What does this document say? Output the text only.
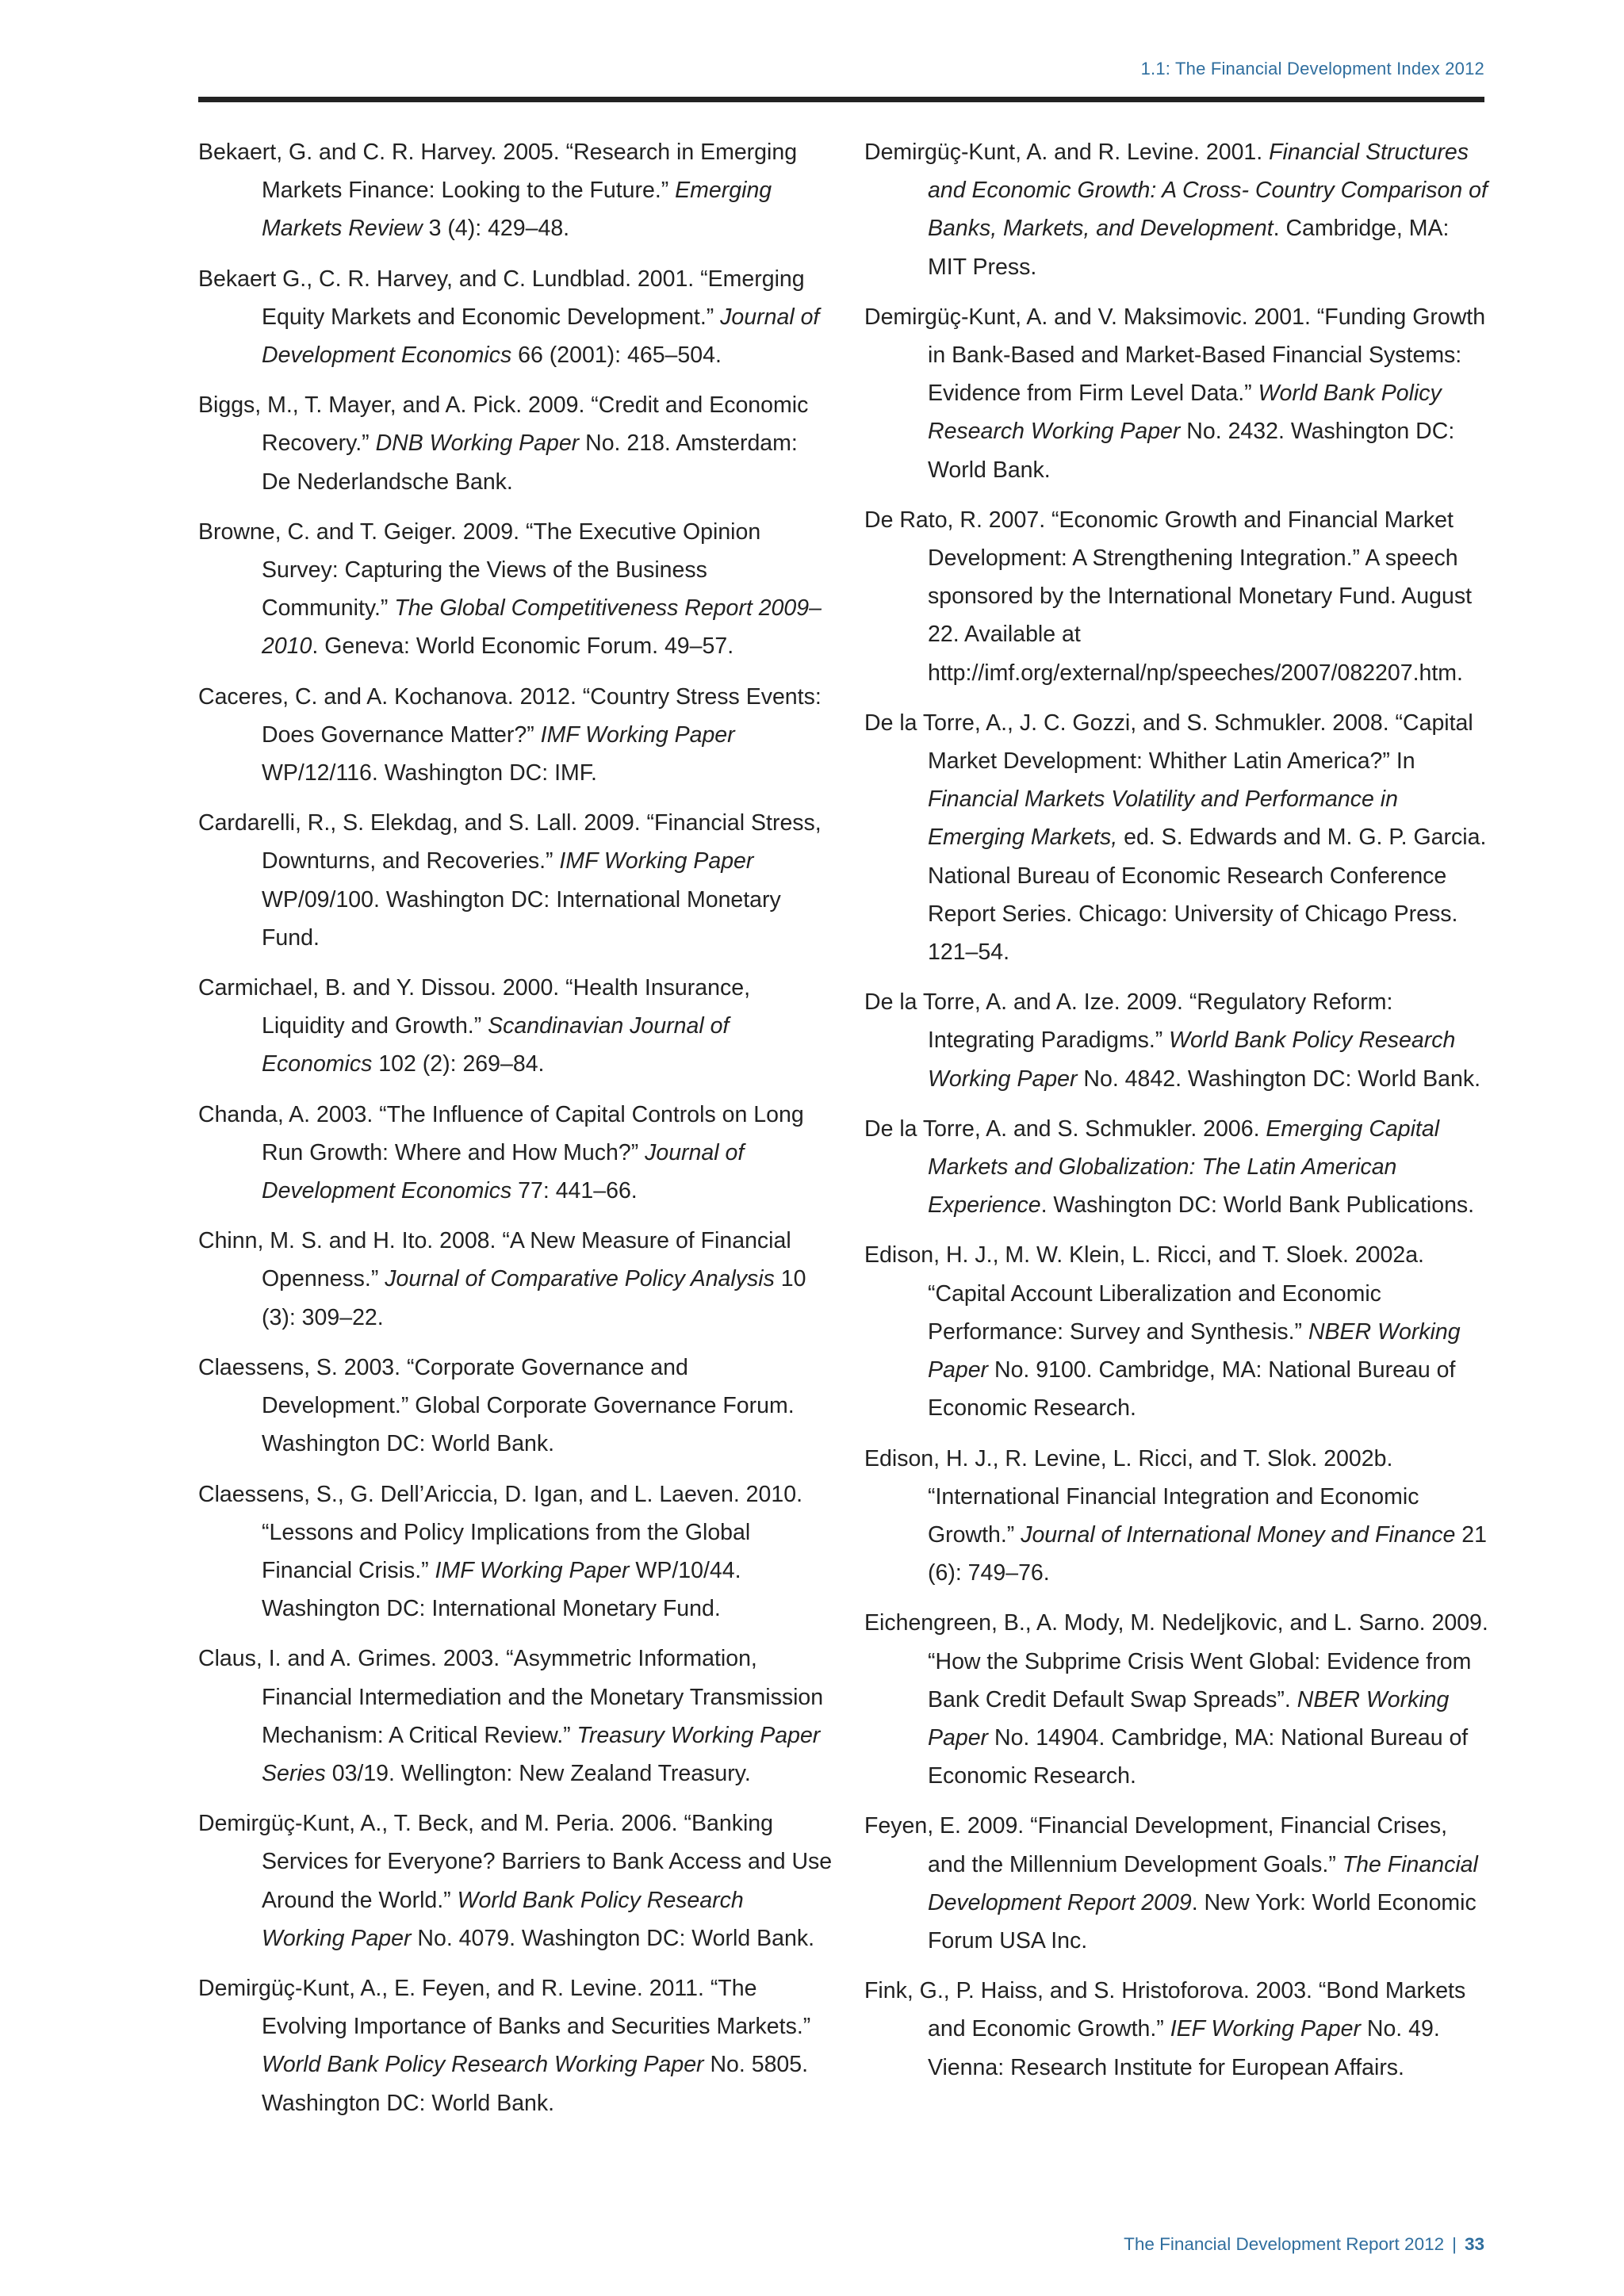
1.1: The Financial Development Index 2012

Bekaert, G. and C. R. Harvey. 2005. “Research in Emerging Markets Finance: Looking to the Future.” Emerging Markets Review 3 (4): 429–48.

Bekaert G., C. R. Harvey, and C. Lundblad. 2001. “Emerging Equity Markets and Economic Development.” Journal of Development Economics 66 (2001): 465–504.

Biggs, M., T. Mayer, and A. Pick. 2009. “Credit and Economic Recovery.” DNB Working Paper No. 218. Amsterdam: De Nederlandsche Bank.

Browne, C. and T. Geiger. 2009. “The Executive Opinion Survey: Capturing the Views of the Business Community.” The Global Competitiveness Report 2009–2010. Geneva: World Economic Forum. 49–57.

Caceres, C. and A. Kochanova. 2012. “Country Stress Events: Does Governance Matter?” IMF Working Paper WP/12/116. Washington DC: IMF.

Cardarelli, R., S. Elekdag, and S. Lall. 2009. “Financial Stress, Downturns, and Recoveries.” IMF Working Paper WP/09/100. Washington DC: International Monetary Fund.

Carmichael, B. and Y. Dissou. 2000. “Health Insurance, Liquidity and Growth.” Scandinavian Journal of Economics 102 (2): 269–84.

Chanda, A. 2003. “The Influence of Capital Controls on Long Run Growth: Where and How Much?” Journal of Development Economics 77: 441–66.

Chinn, M. S. and H. Ito. 2008. “A New Measure of Financial Openness.” Journal of Comparative Policy Analysis 10 (3): 309–22.

Claessens, S. 2003. “Corporate Governance and Development.” Global Corporate Governance Forum. Washington DC: World Bank.

Claessens, S., G. Dell’Ariccia, D. Igan, and L. Laeven. 2010. “Lessons and Policy Implications from the Global Financial Crisis.” IMF Working Paper WP/10/44. Washington DC: International Monetary Fund.

Claus, I. and A. Grimes. 2003. “Asymmetric Information, Financial Intermediation and the Monetary Transmission Mechanism: A Critical Review.” Treasury Working Paper Series 03/19. Wellington: New Zealand Treasury.

Demirgüç-Kunt, A., T. Beck, and M. Peria. 2006. “Banking Services for Everyone? Barriers to Bank Access and Use Around the World.” World Bank Policy Research Working Paper No. 4079. Washington DC: World Bank.

Demirgüç-Kunt, A., E. Feyen, and R. Levine. 2011. “The Evolving Importance of Banks and Securities Markets.” World Bank Policy Research Working Paper No. 5805. Washington DC: World Bank.

Demirgüç-Kunt, A. and R. Levine. 2001. Financial Structures and Economic Growth: A Cross- Country Comparison of Banks, Markets, and Development. Cambridge, MA: MIT Press.

Demirgüç-Kunt, A. and V. Maksimovic. 2001. “Funding Growth in Bank-Based and Market-Based Financial Systems: Evidence from Firm Level Data.” World Bank Policy Research Working Paper No. 2432. Washington DC: World Bank.

De Rato, R. 2007. “Economic Growth and Financial Market Development: A Strengthening Integration.” A speech sponsored by the International Monetary Fund. August 22. Available at http://imf.org/external/np/speeches/2007/082207.htm.

De la Torre, A., J. C. Gozzi, and S. Schmukler. 2008. “Capital Market Development: Whither Latin America?” In Financial Markets Volatility and Performance in Emerging Markets, ed. S. Edwards and M. G. P. Garcia. National Bureau of Economic Research Conference Report Series. Chicago: University of Chicago Press. 121–54.

De la Torre, A. and A. Ize. 2009. “Regulatory Reform: Integrating Paradigms.” World Bank Policy Research Working Paper No. 4842. Washington DC: World Bank.

De la Torre, A. and S. Schmukler. 2006. Emerging Capital Markets and Globalization: The Latin American Experience. Washington DC: World Bank Publications.

Edison, H. J., M. W. Klein, L. Ricci, and T. Sloek. 2002a. “Capital Account Liberalization and Economic Performance: Survey and Synthesis.” NBER Working Paper No. 9100. Cambridge, MA: National Bureau of Economic Research.

Edison, H. J., R. Levine, L. Ricci, and T. Slok. 2002b. “International Financial Integration and Economic Growth.” Journal of International Money and Finance 21 (6): 749–76.

Eichengreen, B., A. Mody, M. Nedeljkovic, and L. Sarno. 2009. “How the Subprime Crisis Went Global: Evidence from Bank Credit Default Swap Spreads”. NBER Working Paper No. 14904. Cambridge, MA: National Bureau of Economic Research.

Feyen, E. 2009. “Financial Development, Financial Crises, and the Millennium Development Goals.” The Financial Development Report 2009. New York: World Economic Forum USA Inc.

Fink, G., P. Haiss, and S. Hristoforova. 2003. “Bond Markets and Economic Growth.” IEF Working Paper No. 49. Vienna: Research Institute for European Affairs.

The Financial Development Report 2012 | 33
